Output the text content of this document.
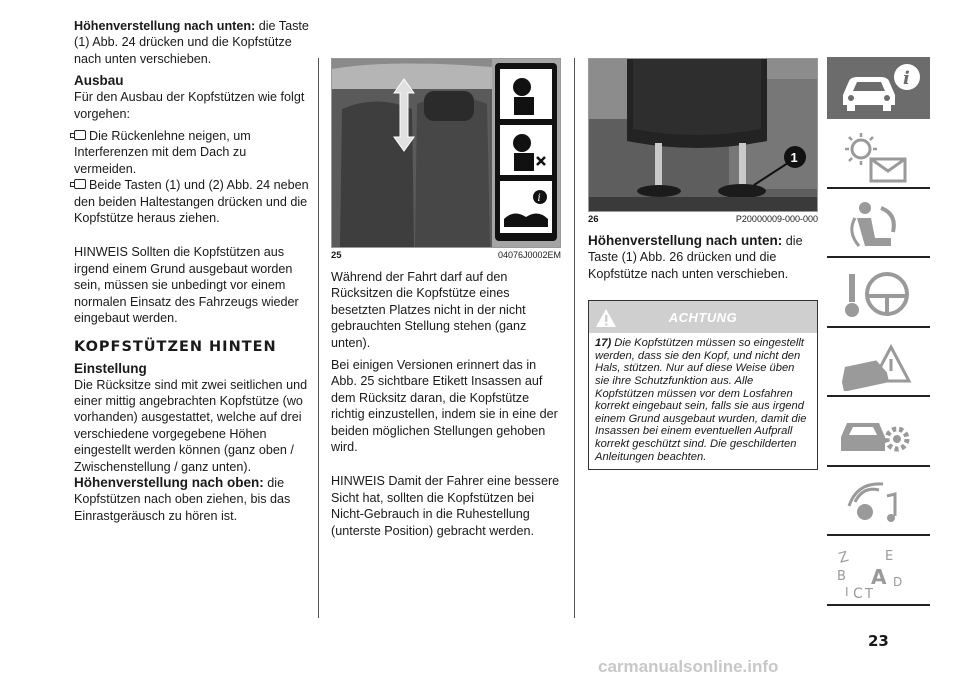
Höhenverstellung nach unten: die Taste (1) Abb. 24 drücken und die Kopfstütze nach unten verschieben.

Ausbau

Für den Ausbau der Kopfstützen wie folgt vorgehen:

Die Rückenlehne neigen, um Interferenzen mit dem Dach zu vermeiden.

Beide Tasten (1) und (2) Abb. 24 neben den beiden Haltestangen drücken und die Kopfstütze heraus ziehen.

HINWEIS Sollten die Kopfstützen aus irgend einem Grund ausgebaut worden sein, müssen sie unbedingt vor einem normalen Einsatz des Fahrzeugs wieder eingebaut werden.

KOPFSTÜTZEN HINTEN
Einstellung

Die Rücksitze sind mit zwei seitlichen und einer mittig angebrachten Kopfstütze (wo vorhanden) ausgestattet, welche auf drei verschiedene vorgegebene Höhen eingestellt werden können (ganz oben / Zwischenstellung / ganz unten).

Höhenverstellung nach oben: die Kopfstützen nach oben ziehen, bis das Einrastgeräusch zu hören ist.

i
25	04076J0002EM

Während der Fahrt darf auf den Rücksitzen die Kopfstütze eines besetzten Platzes nicht in der nicht gebrauchten Stellung stehen (ganz unten).

Bei einigen Versionen erinnert das in Abb. 25 sichtbare Etikett Insassen auf dem Rücksitz daran, die Kopfstütze richtig einzustellen, indem sie in eine der beiden möglichen Stellungen gehoben wird.

HINWEIS Damit der Fahrer eine bessere Sicht hat, sollten die Kopfstützen bei Nicht-Gebrauch in die Ruhestellung (unterste Position) gebracht werden.

1
26	P20000009-000-000

Höhenverstellung nach unten: die Taste (1) Abb. 26 drücken und die Kopfstütze nach unten verschieben.

ACHTUNG
17) Die Kopfstützen müssen so eingestellt werden, dass sie den Kopf, und nicht den Hals, stützen. Nur auf diese Weise üben sie ihre Schutzfunktion aus. Alle Kopfstützen müssen vor dem Losfahren korrekt eingebaut sein, falls sie aus irgend einem Grund ausgebaut wurden, damit die Insassen bei einem eventuellen Aufprall korrekt geschützt sind. Die geschilderten Anleitungen beachten.
i
Z	E
B A D
I C T
23
carmanualsonline.info
